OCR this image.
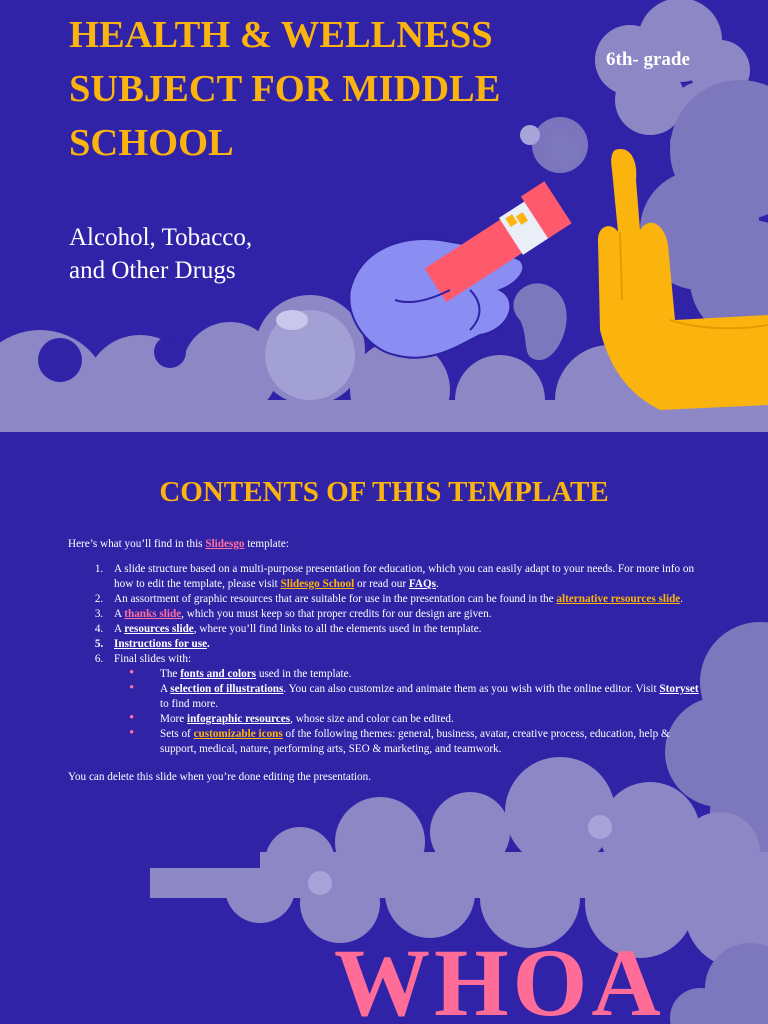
HEALTH & WELLNESS SUBJECT FOR MIDDLE SCHOOL

Alcohol, Tobacco,
and Other Drugs

6th- grade
CONTENTS OF THIS TEMPLATE

Here’s what you’ll find in this Slidesgo template:

1. A slide structure based on a multi-purpose presentation for education, which you can easily adapt to your needs. For more info on how to edit the template, please visit Slidesgo School or read our FAQs.
2. An assortment of graphic resources that are suitable for use in the presentation can be found in the alternative resources slide.
3. A thanks slide, which you must keep so that proper credits for our design are given.
4. A resources slide, where you’ll find links to all the elements used in the template.
5. Instructions for use.
6. Final slides with:
• The fonts and colors used in the template.
• A selection of illustrations. You can also customize and animate them as you wish with the online editor. Visit Storyset to find more.
• More infographic resources, whose size and color can be edited.
• Sets of customizable icons of the following themes: general, business, avatar, creative process, education, help & support, medical, nature, performing arts, SEO & marketing, and teamwork.

You can delete this slide when you’re done editing the presentation.

WHOA
